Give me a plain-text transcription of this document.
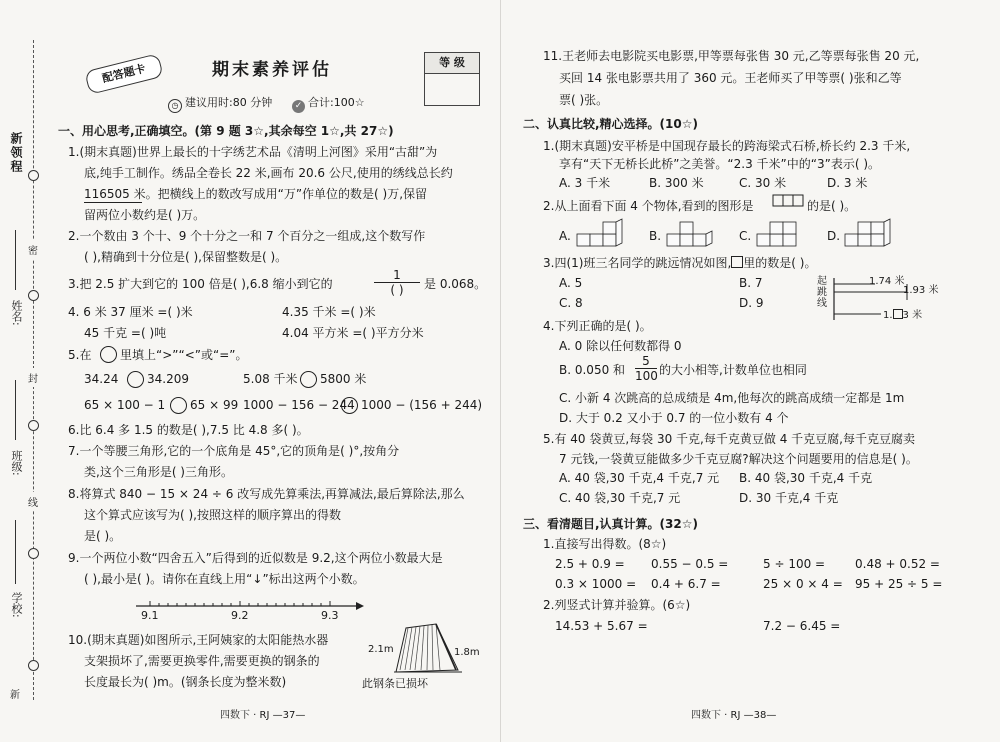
新领程
密
封
线
姓名:
班级:
学校:
新
配答题卡	期末素养评估
◷ 建议用时:80 分钟	✓ 合计:100☆
等 级
一、用心思考,正确填空。(第 9 题 3☆,其余每空 1☆,共 27☆)
1.(期末真题)世界上最长的十字绣艺术品《清明上河图》采用“古甜”为
底,纯手工制作。绣品全卷长 22 米,画布 20.6 公尺,使用的绣线总长约
116505 米。把横线上的数改写成用“万”作单位的数是( )万,保留
留两位小数约是( )万。
2.一个数由 3 个十、9 个十分之一和 7 个百分之一组成,这个数写作
( ),精确到十分位是( ),保留整数是( )。
3.把 2.5 扩大到它的 100 倍是( ),6.8 缩小到它的
1
( )	是 0.068。
4. 6 米 37 厘米 =( )米	4.35 千米 =( )米
45 千克 =( )吨	4.04 平方米 =( )平方分米
5.在 里填上“>”“<”或“=”。
34.24 34.209	5.08 千米 5800 米
65 × 100 − 1 65 × 99 1000 − 156 − 244 1000 − (156 + 244)
6.比 6.4 多 1.5 的数是( ),7.5 比 4.8 多( )。
7.一个等腰三角形,它的一个底角是 45°,它的顶角是( )°,按角分
类,这个三角形是( )三角形。
8.将算式 840 − 15 × 24 ÷ 6 改写成先算乘法,再算减法,最后算除法,那么
这个算式应该写为( ),按照这样的顺序算出的得数
是( )。
9.一个两位小数“四舍五入”后得到的近似数是 9.2,这个两位小数最大是
( ),最小是( )。请你在直线上用“↓”标出这两个小数。
9.1	9.2	9.3
10.(期末真题)如图所示,王阿姨家的太阳能热水器
支架损坏了,需要更换零件,需要更换的钢条的
长度最长为( )m。(钢条长度为整米数)
2.1m	1.8m
此钢条已损坏
四数下 · RJ —37—
11.王老师去电影院买电影票,甲等票每张售 30 元,乙等票每张售 20 元,
买回 14 张电影票共用了 360 元。王老师买了甲等票( )张和乙等
票( )张。
二、认真比较,精心选择。(10☆)
1.(期末真题)安平桥是中国现存最长的跨海梁式石桥,桥长约 2.3 千米,
享有“天下无桥长此桥”之美誉。“2.3 千米”中的“3”表示( )。
A. 3 千米	B. 300 米	C. 30 米	D. 3 米
2.从上面看下面 4 个物体,看到的图形是	的是( )。
A.	B.	C.	D.
3.四(1)班三名同学的跳远情况如图, 里的数是( )。
A. 5	B. 7
C. 8	D. 9
起跳线
1.74 米
1.93 米
1. 3 米
4.下列正确的是( )。
A. 0 除以任何数都得 0
B. 0.050 和 $\frac{5}{100}$ 的大小相等,计数单位也相同
C. 小新 4 次跳高的总成绩是 4m,他每次的跳高成绩一定都是 1m
D. 大于 0.2 又小于 0.7 的一位小数有 4 个
5.有 40 袋黄豆,每袋 30 千克,每千克黄豆做 4 千克豆腐,每千克豆腐卖
7 元钱,一袋黄豆能做多少千克豆腐?解决这个问题要用的信息是( )。
A. 40 袋,30 千克,4 千克,7 元 B. 40 袋,30 千克,4 千克
C. 40 袋,30 千克,7 元	D. 30 千克,4 千克
三、看清题目,认真计算。(32☆)
1.直接写出得数。(8☆)
2.5 + 0.9 = 0.55 − 0.5 =	5 ÷ 100 = 0.48 + 0.52 =
0.3 × 1000 = 0.4 + 6.7 =	25 × 0 × 4 = 95 + 25 ÷ 5 =
2.列竖式计算并验算。(6☆)
14.53 + 5.67 =	7.2 − 6.45 =
四数下 · RJ —38—
